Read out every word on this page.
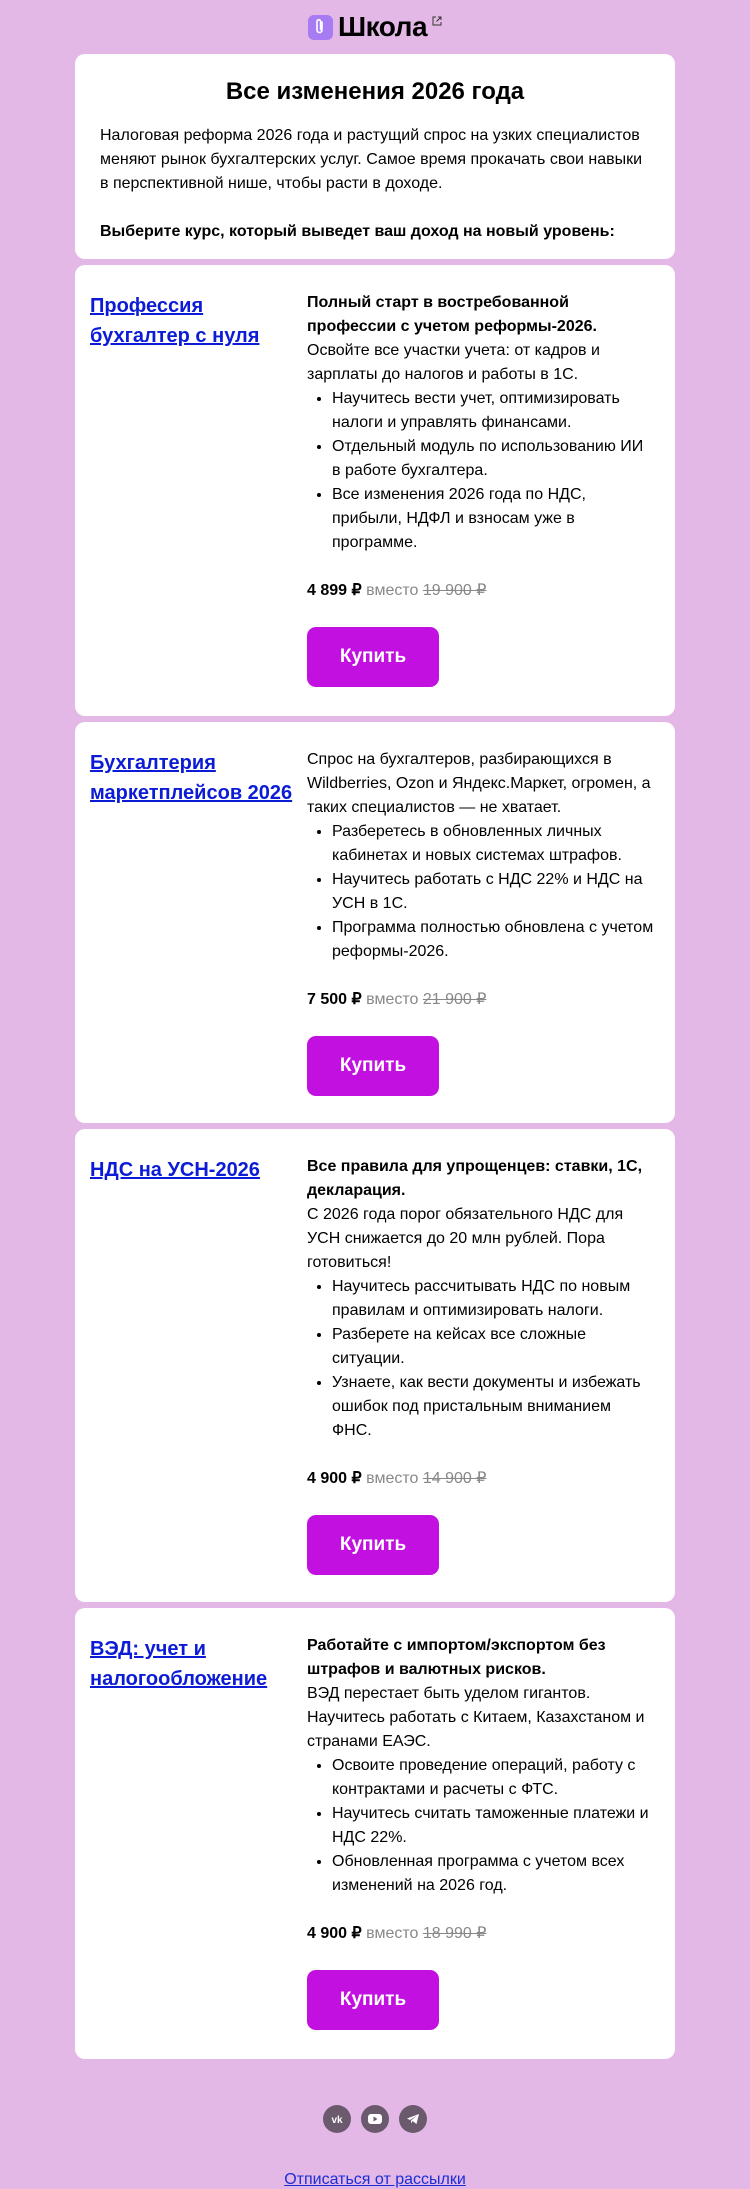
Школа
Все изменения 2026 года

Налоговая реформа 2026 года и растущий спрос на узких специалистов меняют рынок бухгалтерских услуг. Самое время прокачать свои навыки в перспективной нише, чтобы расти в доходе.

Выберите курс, который выведет ваш доход на новый уровень:

Профессия бухгалтер с нуля
Полный старт в востребованной профессии с учетом реформы-2026.
Освойте все участки учета: от кадров и зарплаты до налогов и работы в 1С.
• Научитесь вести учет, оптимизировать налоги и управлять финансами.
• Отдельный модуль по использованию ИИ в работе бухгалтера.
• Все изменения 2026 года по НДС, прибыли, НДФЛ и взносам уже в программе.
4 899 ₽ вместо 19 900 ₽
Купить
Бухгалтерия маркетплейсов 2026
Спрос на бухгалтеров, разбирающихся в Wildberries, Ozon и Яндекс.Маркет, огромен, а таких специалистов — не хватает.
• Разберетесь в обновленных личных кабинетах и новых системах штрафов.
• Научитесь работать с НДС 22% и НДС на УСН в 1С.
• Программа полностью обновлена с учетом реформы-2026.
7 500 ₽ вместо 21 900 ₽
Купить
НДС на УСН-2026	Все правила для упрощенцев: ставки, 1С, декларация.
С 2026 года порог обязательного НДС для УСН снижается до 20 млн рублей. Пора готовиться!
• Научитесь рассчитывать НДС по новым правилам и оптимизировать налоги.
• Разберете на кейсах все сложные ситуации.
• Узнаете, как вести документы и избежать ошибок под пристальным вниманием ФНС.
4 900 ₽ вместо 14 900 ₽
Купить
ВЭД: учет и налогообложение
Работайте с импортом/экспортом без штрафов и валютных рисков.
ВЭД перестает быть уделом гигантов. Научитесь работать с Китаем, Казахстаном и странами ЕАЭС.
• Освоите проведение операций, работу с контрактами и расчеты с ФТС.
• Научитесь считать таможенные платежи и НДС 22%.
• Обновленная программа с учетом всех изменений на 2026 год.
4 900 ₽ вместо 18 990 ₽
Купить
vk
Отписаться от рассылки
